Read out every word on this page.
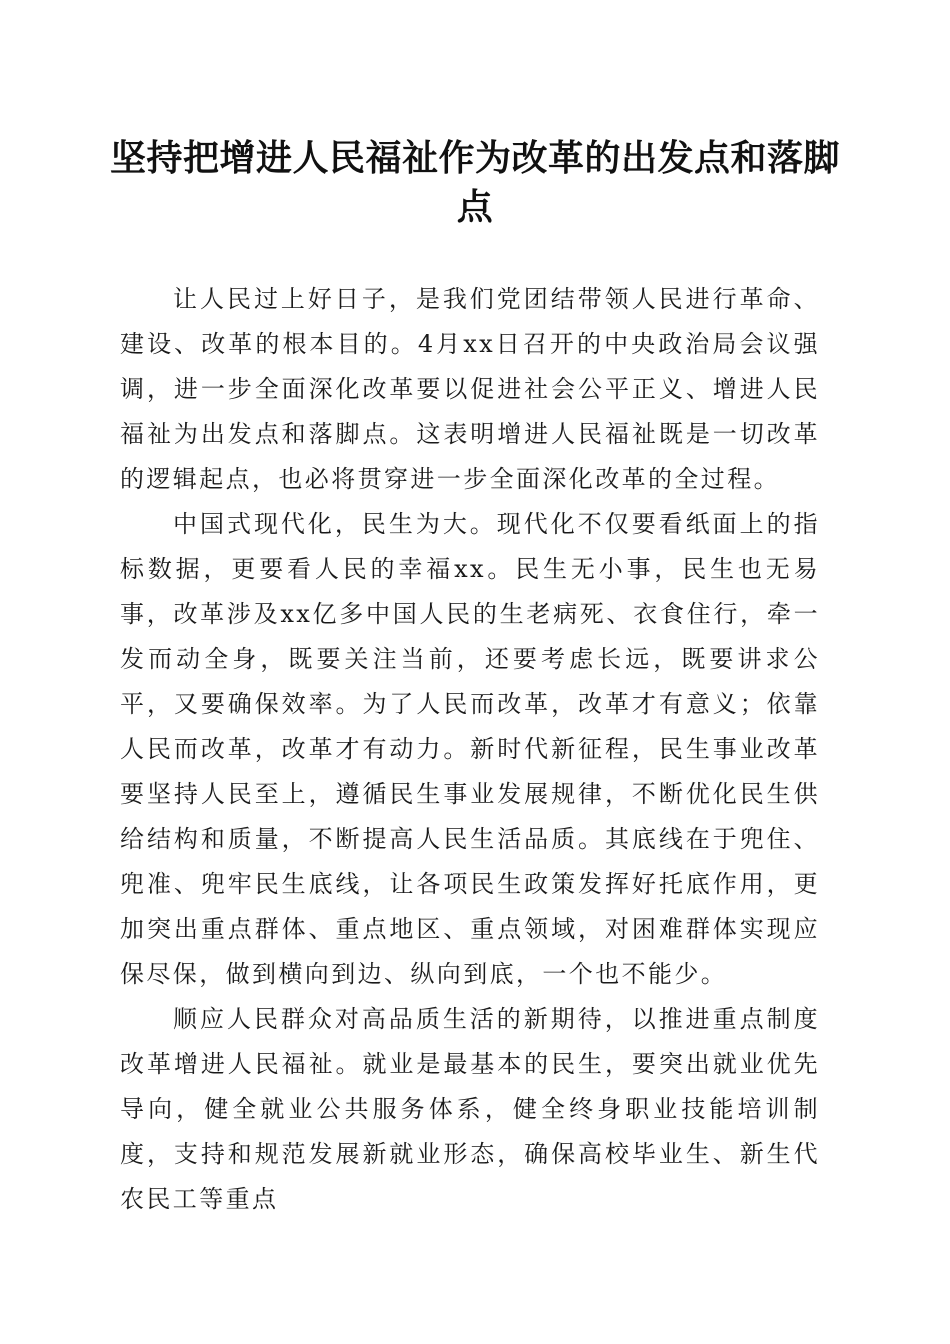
坚持把增进人民福祉作为改革的出发点和落脚点

让人民过上好日子，是我们党团结带领人民进行革命、建设、改革的根本目的。4月xx日召开的中央政治局会议强调，进一步全面深化改革要以促进社会公平正义、增进人民福祉为出发点和落脚点。这表明增进人民福祉既是一切改革的逻辑起点，也必将贯穿进一步全面深化改革的全过程。

中国式现代化，民生为大。现代化不仅要看纸面上的指标数据，更要看人民的幸福xx。民生无小事，民生也无易事，改革涉及xx亿多中国人民的生老病死、衣食住行，牵一发而动全身，既要关注当前，还要考虑长远，既要讲求公平，又要确保效率。为了人民而改革，改革才有意义；依靠人民而改革，改革才有动力。新时代新征程，民生事业改革要坚持人民至上，遵循民生事业发展规律，不断优化民生供给结构和质量，不断提高人民生活品质。其底线在于兜住、兜准、兜牢民生底线，让各项民生政策发挥好托底作用，更加突出重点群体、重点地区、重点领域，对困难群体实现应保尽保，做到横向到边、纵向到底，一个也不能少。

顺应人民群众对高品质生活的新期待，以推进重点制度改革增进人民福祉。就业是最基本的民生，要突出就业优先导向，健全就业公共服务体系，健全终身职业技能培训制度，支持和规范发展新就业形态，确保高校毕业生、新生代农民工等重点
